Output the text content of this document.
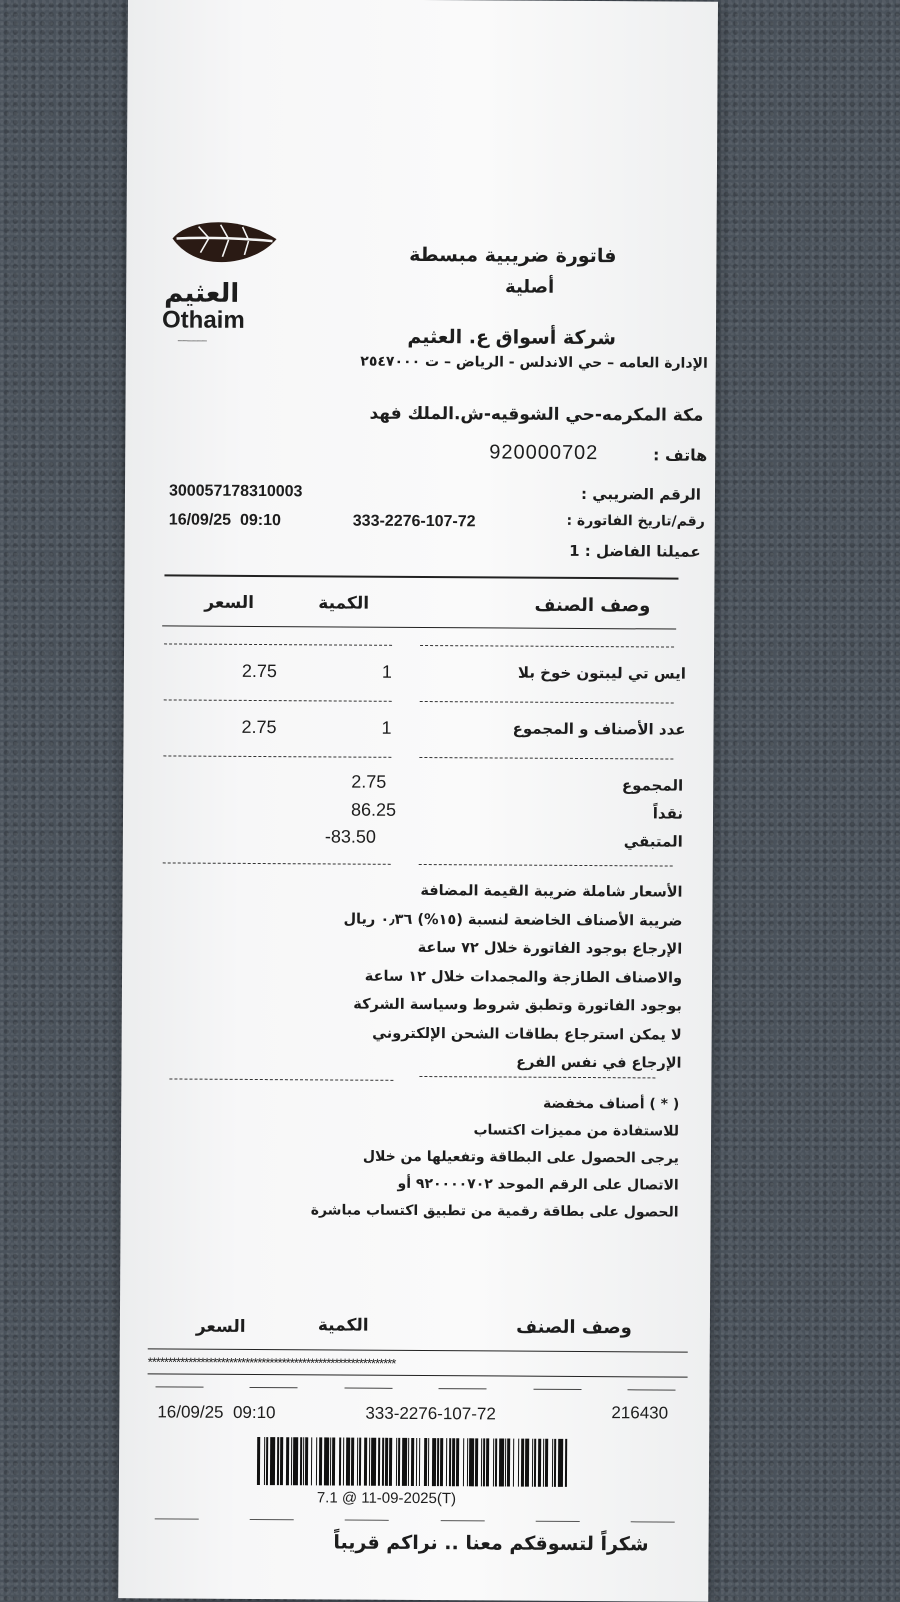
العثيم
Othaim
──────
فاتورة ضريبية مبسطة
أصلية
شركة أسواق ع. العثيم
الإدارة العامه – حي الاندلس - الرياض – ت ٢٥٤٧٠٠٠
مكة المكرمه-حي الشوقيه-ش.الملك فهد
هاتف :
920000702
الرقم الضريبي :
300057178310003
رقم/تاريخ الفاتورة :
333-2276-107-72
16/09/25  09:10
عميلنا الفاضل : 1
وصف الصنف
الكمية
السعر
ايس تي ليبتون خوخ بلا
1
2.75
عدد الأصناف و المجموع
1
2.75
المجموع
2.75
نقداً
86.25
المتبقي
-83.50
الأسعار شاملة ضريبة القيمة المضافة
ضريبة الأصناف الخاضعة لنسبة (١٥%) ٠٫٣٦ ريال
الإرجاع بوجود الفاتورة خلال ٧٢ ساعة
والاصناف الطازجة والمجمدات خلال ١٢ ساعة
بوجود الفاتورة وتطبق شروط وسياسة الشركة
لا يمكن استرجاع بطاقات الشحن الإلكتروني
الإرجاع في نفس الفرع
( * ) أصناف مخفضة
للاستفادة من مميزات اكتساب
يرجى الحصول على البطاقة وتفعيلها من خلال
الاتصال على الرقم الموحد ٩٢٠٠٠٠٧٠٢ أو
الحصول على بطاقة رقمية من تطبيق اكتساب مباشرة
وصف الصنف
الكمية
السعر
*************************************************************
16/09/25  09:10	333-2276-107-72	216430
7.1 @ 11-09-2025(T)
شكراً لتسوقكم معنا .. نراكم قريباً
